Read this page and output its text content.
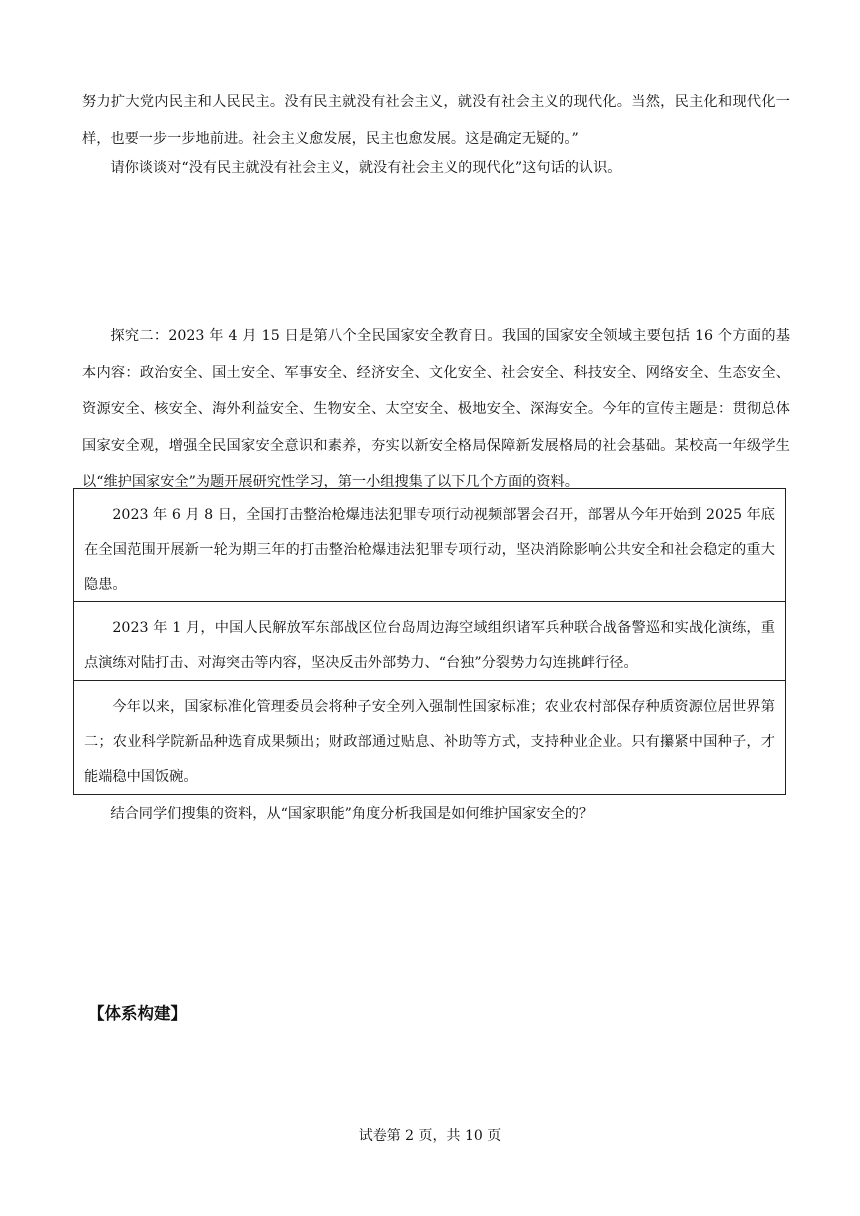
努力扩大党内民主和人民民主。没有民主就没有社会主义，就没有社会主义的现代化。当然，民主化和现代化一样，也要一步一步地前进。社会主义愈发展，民主也愈发展。这是确定无疑的。”

请你谈谈对“没有民主就没有社会主义，就没有社会主义的现代化”这句话的认识。

探究二：2023 年 4 月 15 日是第八个全民国家安全教育日。我国的国家安全领域主要包括 16 个方面的基本内容：政治安全、国土安全、军事安全、经济安全、文化安全、社会安全、科技安全、网络安全、生态安全、资源安全、核安全、海外利益安全、生物安全、太空安全、极地安全、深海安全。今年的宣传主题是：贯彻总体国家安全观，增强全民国家安全意识和素养，夯实以新安全格局保障新发展格局的社会基础。某校高一年级学生以“维护国家安全”为题开展研究性学习，第一小组搜集了以下几个方面的资料。

2023 年 6 月 8 日，全国打击整治枪爆违法犯罪专项行动视频部署会召开，部署从今年开始到 2025 年底在全国范围开展新一轮为期三年的打击整治枪爆违法犯罪专项行动，坚决消除影响公共安全和社会稳定的重大隐患。
2023 年 1 月，中国人民解放军东部战区位台岛周边海空域组织诸军兵种联合战备警巡和实战化演练，重点演练对陆打击、对海突击等内容，坚决反击外部势力、“台独”分裂势力勾连挑衅行径。
今年以来，国家标准化管理委员会将种子安全列入强制性国家标准；农业农村部保存种质资源位居世界第二；农业科学院新品种选育成果频出；财政部通过贴息、补助等方式，支持种业企业。只有攥紧中国种子，才能端稳中国饭碗。

结合同学们搜集的资料，从“国家职能”角度分析我国是如何维护国家安全的？

【体系构建】
试卷第 2 页，共 10 页
